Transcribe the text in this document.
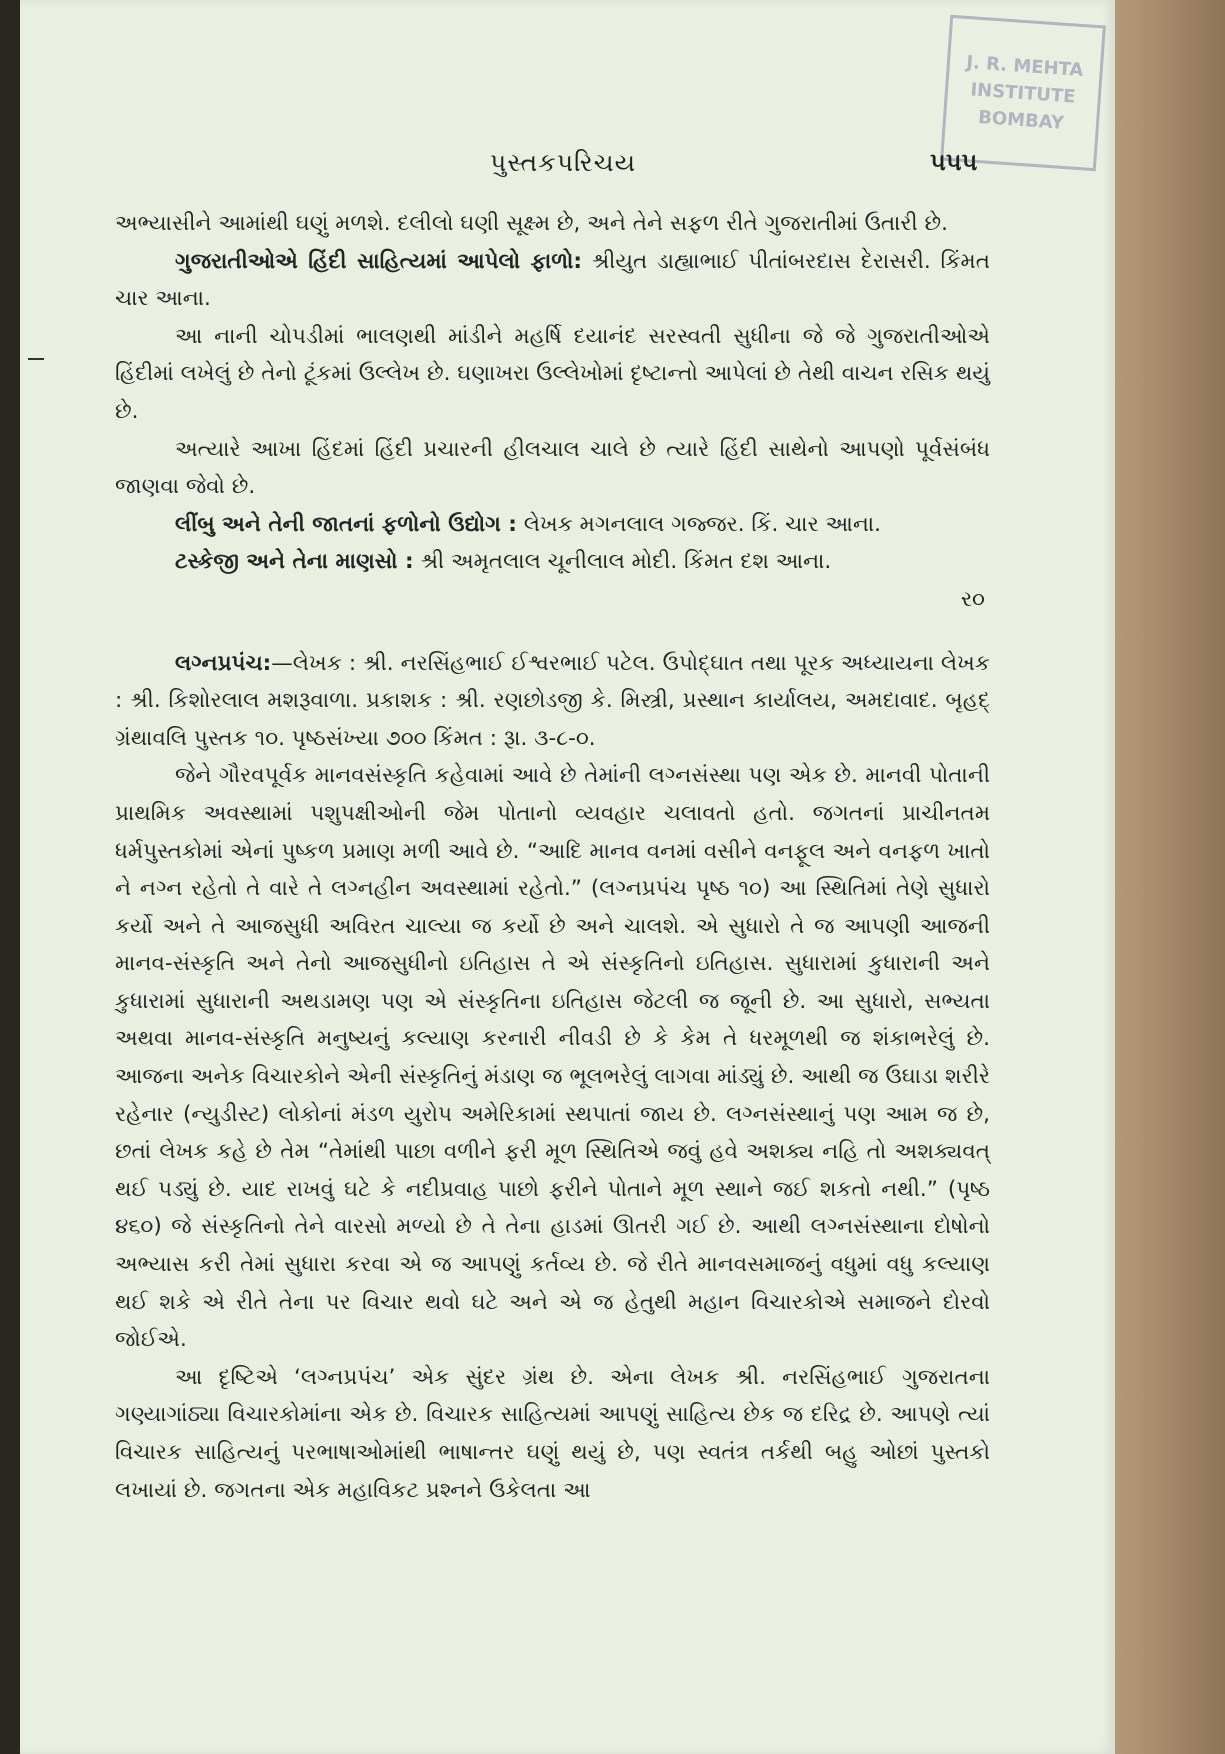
J. R. MEHTA
INSTITUTE
BOMBAY
પુસ્તકપરિચય	૫૫૫

અભ્યાસીને આમાંથી ઘણું મળશે. દલીલો ઘણી સૂક્ષ્મ છે, અને તેને સફળ રીતે ગુજરાતીમાં ઉતારી છે.

ગુજરાતીઓએ હિંદી સાહિત્યમાં આપેલો ફાળો: શ્રીયુત ડાહ્યાભાઈ પીતાંબરદાસ દેરાસરી. કિંમત ચાર આના.

આ નાની ચોપડીમાં ભાલણથી માંડીને મહર્ષિ દયાનંદ સરસ્વતી સુધીના જે જે ગુજરાતીઓએ હિંદીમાં લખેલું છે તેનો ટૂંકમાં ઉલ્લેખ છે. ઘણાખરા ઉલ્લેખોમાં દૃષ્ટાન્તો આપેલાં છે તેથી વાચન રસિક થયું છે.

અત્યારે આખા હિંદમાં હિંદી પ્રચારની હીલચાલ ચાલે છે ત્યારે હિંદી સાથેનો આપણો પૂર્વસંબંધ જાણવા જેવો છે.

લીંબુ અને તેની જાતનાં ફળોનો ઉદ્યોગ : લેખક મગનલાલ ગજ્જર. કિં. ચાર આના.

ટસ્કેજી અને તેના માણસો : શ્રી અમૃતલાલ ચૂનીલાલ મોદી. કિંમત દશ આના.

ર૦

લગ્નપ્રપંચ:—લેખક : શ્રી. નરસિંહભાઈ ઈશ્વરભાઈ પટેલ. ઉપોદ્ઘાત તથા પૂરક અધ્યાયના લેખક : શ્રી. કિશોરલાલ મશરૂવાળા. પ્રકાશક : શ્રી. રણછોડજી કે. મિસ્ત્રી, પ્રસ્થાન કાર્યાલય, અમદાવાદ. બૃહદ્ ગ્રંથાવલિ પુસ્તક ૧૦. પૃષ્ઠસંખ્યા ૭૦૦ કિંમત : રૂા. ૩-૮-૦.

જેને ગૌરવપૂર્વક માનવસંસ્કૃતિ કહેવામાં આવે છે તેમાંની લગ્નસંસ્થા પણ એક છે. માનવી પોતાની પ્રાથમિક અવસ્થામાં પશુપક્ષીઓની જેમ પોતાનો વ્યવહાર ચલાવતો હતો. જગતનાં પ્રાચીનતમ ધર્મપુસ્તકોમાં એનાં પુષ્કળ પ્રમાણ મળી આવે છે. “આદિ માનવ વનમાં વસીને વનફૂલ અને વનફળ ખાતો ને નગ્ન રહેતો તે વારે તે લગ્નહીન અવસ્થામાં રહેતો.” (લગ્નપ્રપંચ પૃષ્ઠ ૧૦) આ સ્થિતિમાં તેણે સુધારો કર્યો અને તે આજસુધી અવિરત ચાલ્યા જ કર્યો છે અને ચાલશે. એ સુધારો તે જ આપણી આજની માનવ-સંસ્કૃતિ અને તેનો આજસુધીનો ઇતિહાસ તે એ સંસ્કૃતિનો ઇતિહાસ. સુધારામાં કુધારાની અને કુધારામાં સુધારાની અથડામણ પણ એ સંસ્કૃતિના ઇતિહાસ જેટલી જ જૂની છે. આ સુધારો, સભ્યતા અથવા માનવ-સંસ્કૃતિ મનુષ્યનું કલ્યાણ કરનારી નીવડી છે કે કેમ તે ધરમૂળથી જ શંકાભરેલું છે. આજના અનેક વિચારકોને એની સંસ્કૃતિનું મંડાણ જ ભૂલભરેલું લાગવા માંડ્યું છે. આથી જ ઉઘાડા શરીરે રહેનાર (ન્યુડીસ્ટ) લોકોનાં મંડળ યુરોપ અમેરિકામાં સ્થપાતાં જાય છે. લગ્નસંસ્થાનું પણ આમ જ છે, છતાં લેખક કહે છે તેમ “તેમાંથી પાછા વળીને ફરી મૂળ સ્થિતિએ જવું હવે અશક્ય નહિ તો અશક્યવત્ થઈ પડ્યું છે. યાદ રાખવું ઘટે કે નદીપ્રવાહ પાછો ફરીને પોતાને મૂળ સ્થાને જઈ શકતો નથી.” (પૃષ્ઠ ૪૬૦) જે સંસ્કૃતિનો તેને વારસો મળ્યો છે તે તેના હાડમાં ઊતરી ગઈ છે. આથી લગ્નસંસ્થાના દોષોનો અભ્યાસ કરી તેમાં સુધારા કરવા એ જ આપણું કર્તવ્ય છે. જે રીતે માનવસમાજનું વધુમાં વધુ કલ્યાણ થઈ શકે એ રીતે તેના પર વિચાર થવો ઘટે અને એ જ હેતુથી મહાન વિચારકોએ સમાજને દોરવો જોઈએ.

આ દૃષ્ટિએ ‘લગ્નપ્રપંચ’ એક સુંદર ગ્રંથ છે. એના લેખક શ્રી. નરસિંહભાઈ ગુજરાતના ગણ્યાગાંઠ્યા વિચારકોમાંના એક છે. વિચારક સાહિત્યમાં આપણું સાહિત્ય છેક જ દરિદ્ર છે. આપણે ત્યાં વિચારક સાહિત્યનું પરભાષાઓમાંથી ભાષાન્તર ઘણું થયું છે, પણ સ્વતંત્ર તર્કથી બહુ ઓછાં પુસ્તકો લખાયાં છે. જગતના એક મહાવિકટ પ્રશ્નને ઉકેલતા આ
